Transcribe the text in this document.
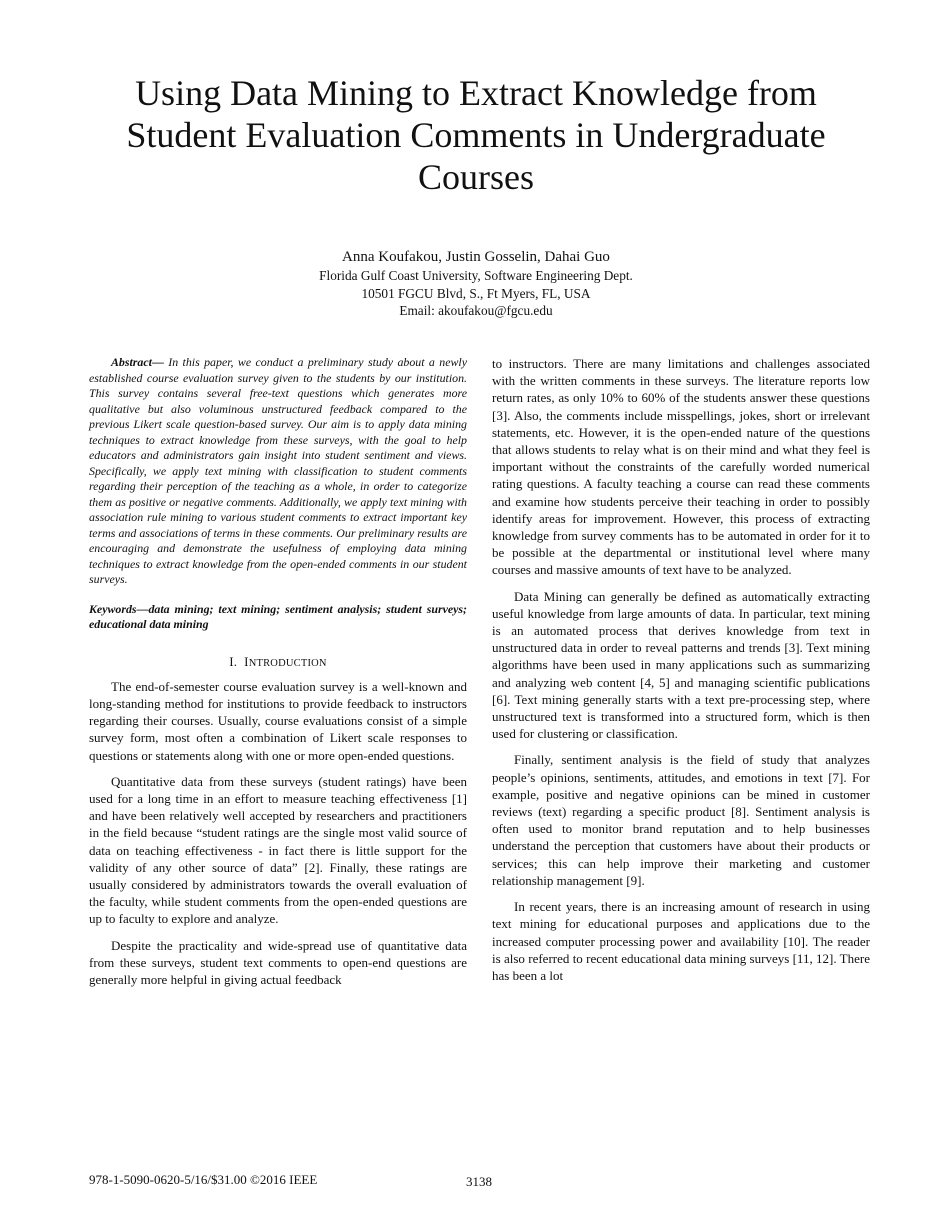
Using Data Mining to Extract Knowledge from Student Evaluation Comments in Undergraduate Courses
Anna Koufakou, Justin Gosselin, Dahai Guo
Florida Gulf Coast University, Software Engineering Dept.
10501 FGCU Blvd, S., Ft Myers, FL, USA
Email: akoufakou@fgcu.edu

Abstract— In this paper, we conduct a preliminary study about a newly established course evaluation survey given to the students by our institution. This survey contains several free-text questions which generates more qualitative but also voluminous unstructured feedback compared to the previous Likert scale question-based survey. Our aim is to apply data mining techniques to extract knowledge from these surveys, with the goal to help educators and administrators gain insight into student sentiment and views. Specifically, we apply text mining with classification to student comments regarding their perception of the teaching as a whole, in order to categorize them as positive or negative comments. Additionally, we apply text mining with association rule mining to various student comments to extract important key terms and associations of terms in these comments. Our preliminary results are encouraging and demonstrate the usefulness of employing data mining techniques to extract knowledge from the open-ended comments in our student surveys.

Keywords—data mining; text mining; sentiment analysis; student surveys; educational data mining

I. INTRODUCTION

The end-of-semester course evaluation survey is a well-known and long-standing method for institutions to provide feedback to instructors regarding their courses. Usually, course evaluations consist of a simple survey form, most often a combination of Likert scale responses to questions or statements along with one or more open-ended questions.

Quantitative data from these surveys (student ratings) have been used for a long time in an effort to measure teaching effectiveness [1] and have been relatively well accepted by researchers and practitioners in the field because “student ratings are the single most valid source of data on teaching effectiveness - in fact there is little support for the validity of any other source of data” [2]. Finally, these ratings are usually considered by administrators towards the overall evaluation of the faculty, while student comments from the open-ended questions are up to faculty to explore and analyze.

Despite the practicality and wide-spread use of quantitative data from these surveys, student text comments to open-end questions are generally more helpful in giving actual feedback

to instructors. There are many limitations and challenges associated with the written comments in these surveys. The literature reports low return rates, as only 10% to 60% of the students answer these questions [3]. Also, the comments include misspellings, jokes, short or irrelevant statements, etc. However, it is the open-ended nature of the questions that allows students to relay what is on their mind and what they feel is important without the constraints of the carefully worded numerical rating questions. A faculty teaching a course can read these comments and examine how students perceive their teaching in order to possibly identify areas for improvement. However, this process of extracting knowledge from survey comments has to be automated in order for it to be possible at the departmental or institutional level where many courses and massive amounts of text have to be analyzed.

Data Mining can generally be defined as automatically extracting useful knowledge from large amounts of data. In particular, text mining is an automated process that derives knowledge from text in unstructured data in order to reveal patterns and trends [3]. Text mining algorithms have been used in many applications such as summarizing and analyzing web content [4, 5] and managing scientific publications [6]. Text mining generally starts with a text pre-processing step, where unstructured text is transformed into a structured form, which is then used for clustering or classification.

Finally, sentiment analysis is the field of study that analyzes people’s opinions, sentiments, attitudes, and emotions in text [7]. For example, positive and negative opinions can be mined in customer reviews (text) regarding a specific product [8]. Sentiment analysis is often used to monitor brand reputation and to help businesses understand the perception that customers have about their products or services; this can help improve their marketing and customer relationship management [9].

In recent years, there is an increasing amount of research in using text mining for educational purposes and applications due to the increased computer processing power and availability [10]. The reader is also referred to recent educational data mining surveys [11, 12]. There has been a lot

978-1-5090-0620-5/16/$31.00 ©2016 IEEE	3138
